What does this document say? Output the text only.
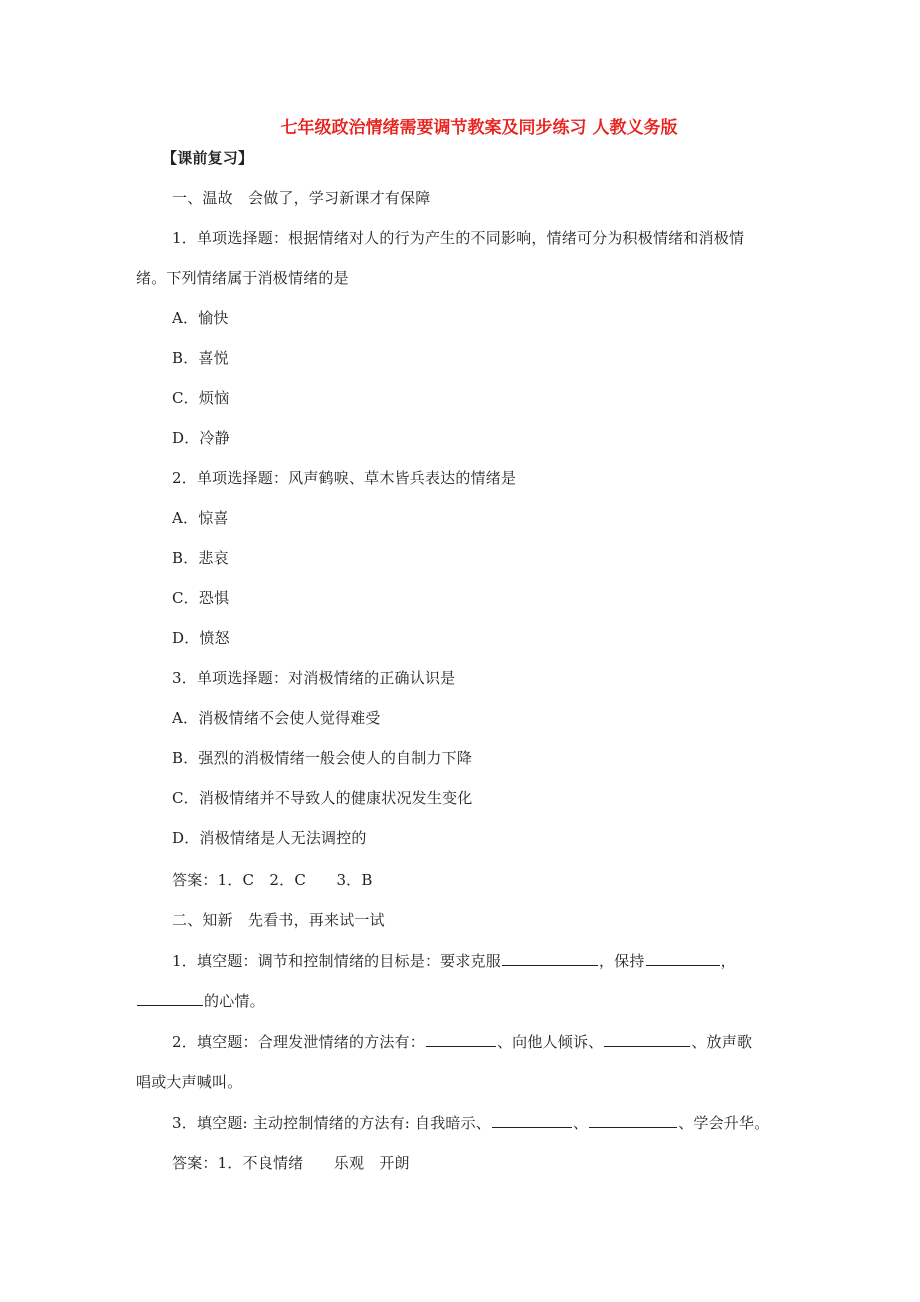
七年级政治情绪需要调节教案及同步练习 人教义务版
【课前复习】
一、温故　会做了，学习新课才有保障
1．单项选择题：根据情绪对人的行为产生的不同影响，情绪可分为积极情绪和消极情
绪。下列情绪属于消极情绪的是
A．愉快
B．喜悦
C．烦恼
D．冷静
2．单项选择题：风声鹤唳、草木皆兵表达的情绪是
A．惊喜
B．悲哀
C．恐惧
D．愤怒
3．单项选择题：对消极情绪的正确认识是
A．消极情绪不会使人觉得难受
B．强烈的消极情绪一般会使人的自制力下降
C．消极情绪并不导致人的健康状况发生变化
D．消极情绪是人无法调控的
答案：1．C　2．C　　3．B
二、知新　先看书，再来试一试
1．填空题：调节和控制情绪的目标是：要求克服	，保持	，
的心情。
2．填空题：合理发泄情绪的方法有：	、向他人倾诉、	、放声歌
唱或大声喊叫。
3．填空题: 主动控制情绪的方法有: 自我暗示、	、	、学会升华。
答案：1．不良情绪　　乐观　开朗
